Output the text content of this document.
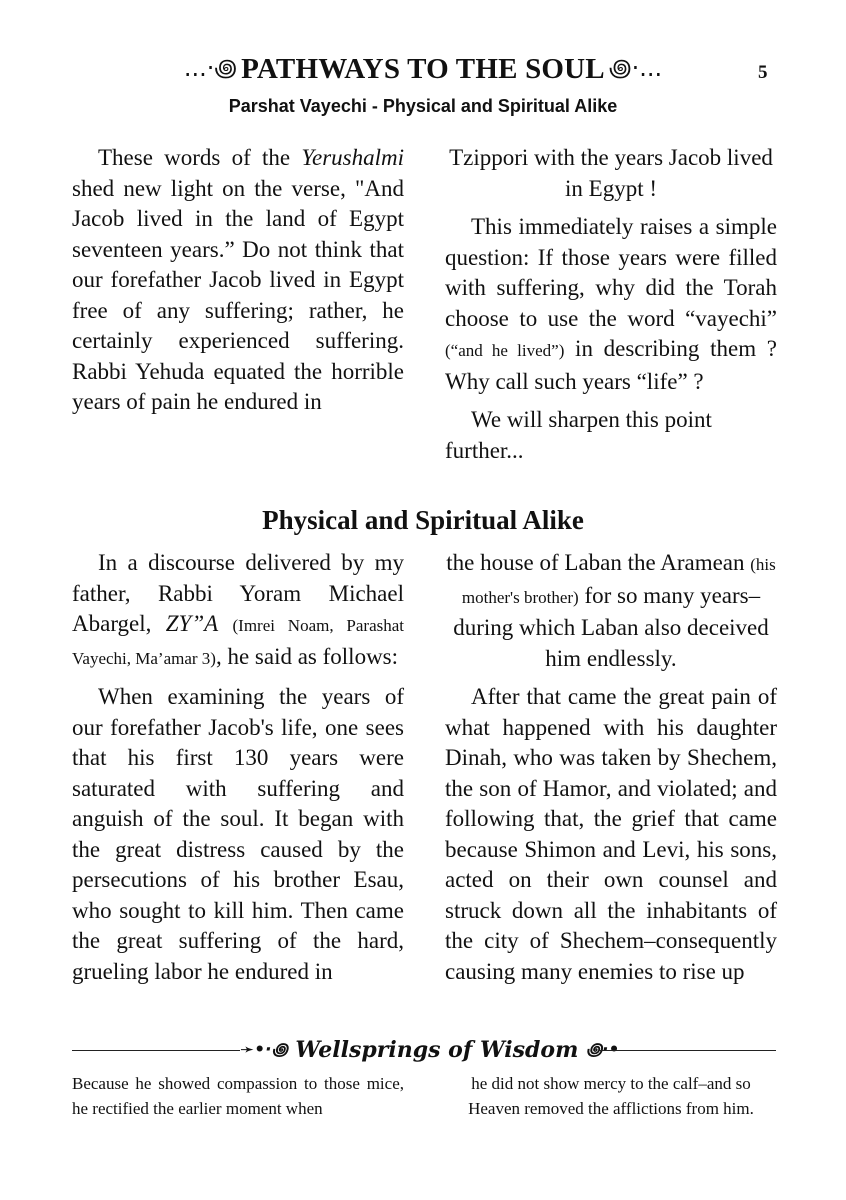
...·꩜ PATHWAYS TO THE SOUL ꩜·...	5
Parshat Vayechi - Physical and Spiritual Alike

These words of the Yerushalmi shed new light on the verse, "And Jacob lived in the land of Egypt seventeen years.” Do not think that our forefather Jacob lived in Egypt free of any suffering; rather, he certainly experienced suffering. Rabbi Yehuda equated the horrible years of pain he endured in

Tzippori with the years Jacob lived in Egypt !

This immediately raises a simple question: If those years were filled with suffering, why did the Torah choose to use the word “vayechi” (“and he lived”) in describing them ? Why call such years “life” ?

We will sharpen this point further...

Physical and Spiritual Alike

In a discourse delivered by my father, Rabbi Yoram Michael Abargel, ZY”A (Imrei Noam, Parashat Vayechi, Ma’amar 3), he said as follows:

When examining the years of our forefather Jacob's life, one sees that his first 130 years were saturated with suffering and anguish of the soul. It began with the great distress caused by the persecutions of his brother Esau, who sought to kill him. Then came the great suffering of the hard, grueling labor he endured in

the house of Laban the Aramean (his mother's brother) for so many years–during which Laban also deceived him endlessly.

After that came the great pain of what happened with his daughter Dinah, who was taken by Shechem, the son of Hamor, and violated; and following that, the grief that came because Shimon and Levi, his sons, acted on their own counsel and struck down all the inhabitants of the city of Shechem–consequently causing many enemies to rise up

➛•·꩜ Wellsprings of Wisdom ꩜·•
Because he showed compassion to those mice, he rectified the earlier moment when
he did not show mercy to the calf–and so Heaven removed the afflictions from him.
